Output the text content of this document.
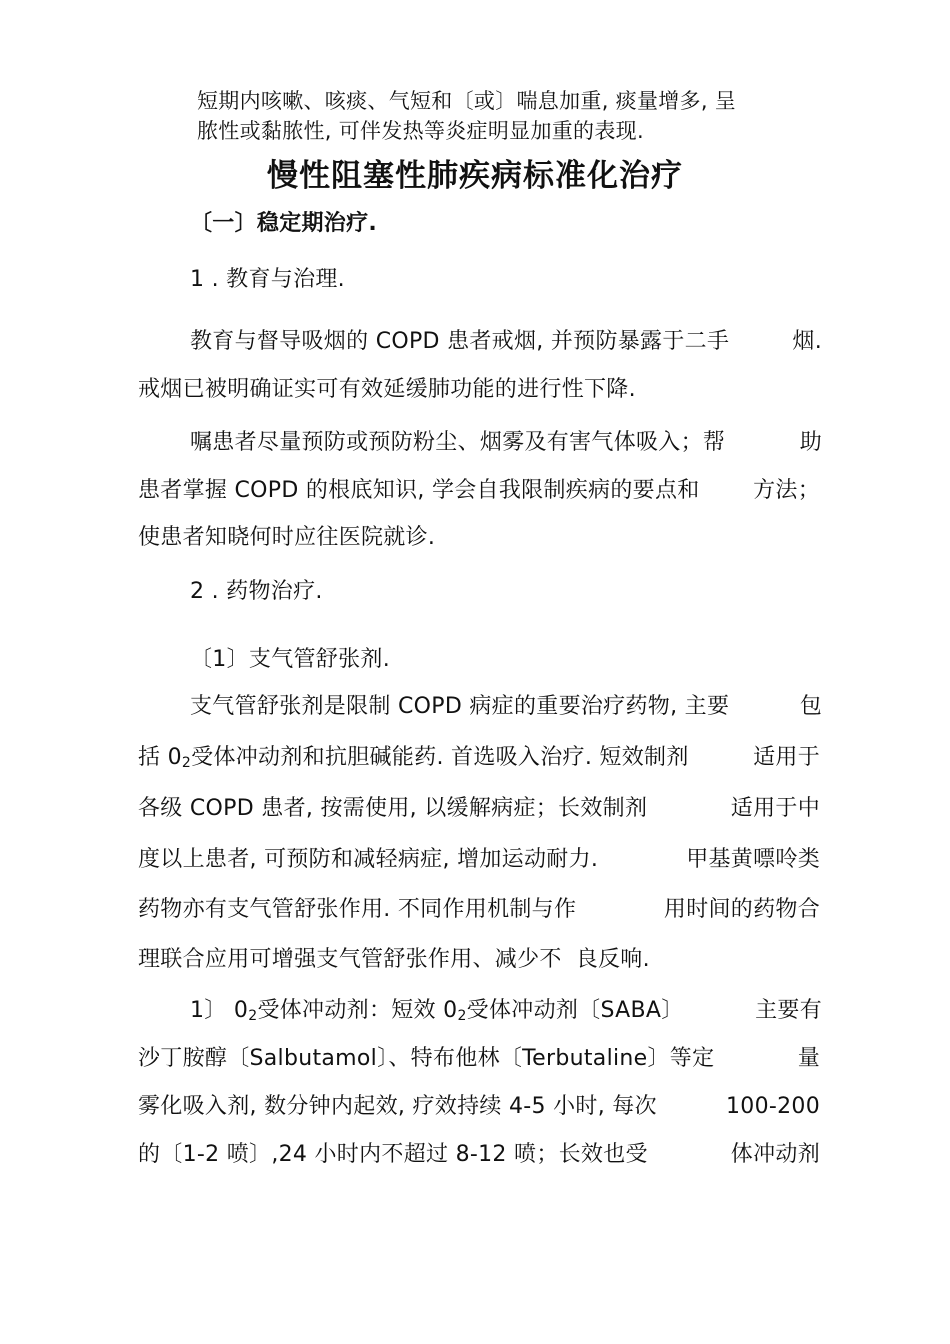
短期内咳嗽、咳痰、气短和〔或〕喘息加重, 痰量增多, 呈
脓性或黏脓性, 可伴发热等炎症明显加重的表现.
慢性阻塞性肺疾病标准化治疗
〔一〕稳定期治疗.
1 . 教育与治理.
教育与督导吸烟的 COPD 患者戒烟, 并预防暴露于二手	烟.
戒烟已被明确证实可有效延缓肺功能的进行性下降.
嘱患者尽量预防或预防粉尘、烟雾及有害气体吸入；帮	助
患者掌握 COPD 的根底知识, 学会自我限制疾病的要点和 方法；
使患者知晓何时应往医院就诊.
2 . 药物治疗.
〔1〕支气管舒张剂.
支气管舒张剂是限制 COPD 病症的重要治疗药物, 主要	包
括 $0_2$受体冲动剂和抗胆碱能药. 首选吸入治疗. 短效制剂	适用于
各级 COPD 患者, 按需使用, 以缓解病症；长效制剂	适用于中
度以上患者, 可预防和减轻病症, 增加运动耐力.	甲基黄嘌呤类
药物亦有支气管舒张作用. 不同作用机制与作	用时间的药物合
理联合应用可增强支气管舒张作用、减少不 良反响.
1〕 $0_2$受体冲动剂：短效 $0_2$受体冲动剂〔SABA〕	主要有
沙丁胺醇〔Salbutamol〕、特布他林〔Terbutaline〕等定	量
雾化吸入剂, 数分钟内起效, 疗效持续 4-5 小时, 每次	100-200
的〔1-2 喷〕,24 小时内不超过 8-12 喷；长效也受	体冲动剂
